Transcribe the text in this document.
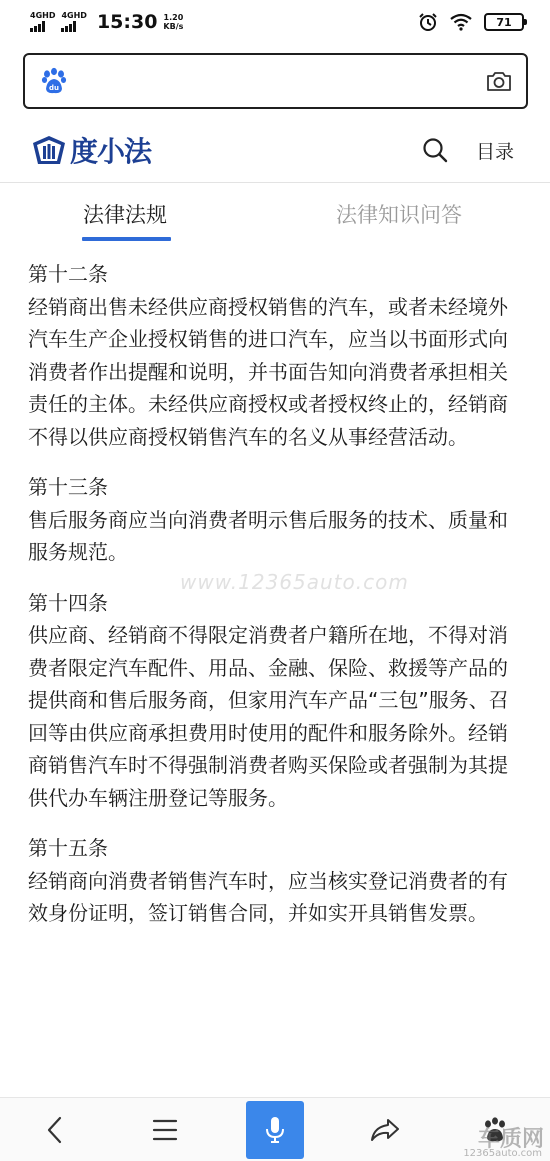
4GHD 4GHD 15:30 1.20
KB/s	71
du
度小法	目录
法律法规	法律知识问答
第十二条
经销商出售未经供应商授权销售的汽车，或者未经境外汽车生产企业授权销售的进口汽车，应当以书面形式向消费者作出提醒和说明，并书面告知向消费者承担相关责任的主体。未经供应商授权或者授权终止的，经销商不得以供应商授权销售汽车的名义从事经营活动。
第十三条
售后服务商应当向消费者明示售后服务的技术、质量和服务规范。
第十四条
供应商、经销商不得限定消费者户籍所在地，不得对消费者限定汽车配件、用品、金融、保险、救援等产品的提供商和售后服务商，但家用汽车产品“三包”服务、召回等由供应商承担费用时使用的配件和服务除外。经销商销售汽车时不得强制消费者购买保险或者强制为其提供代办车辆注册登记等服务。
第十五条
经销商向消费者销售汽车时，应当核实登记消费者的有效身份证明，签订销售合同，并如实开具销售发票。
www.12365auto.com
车质网
12365auto.com
